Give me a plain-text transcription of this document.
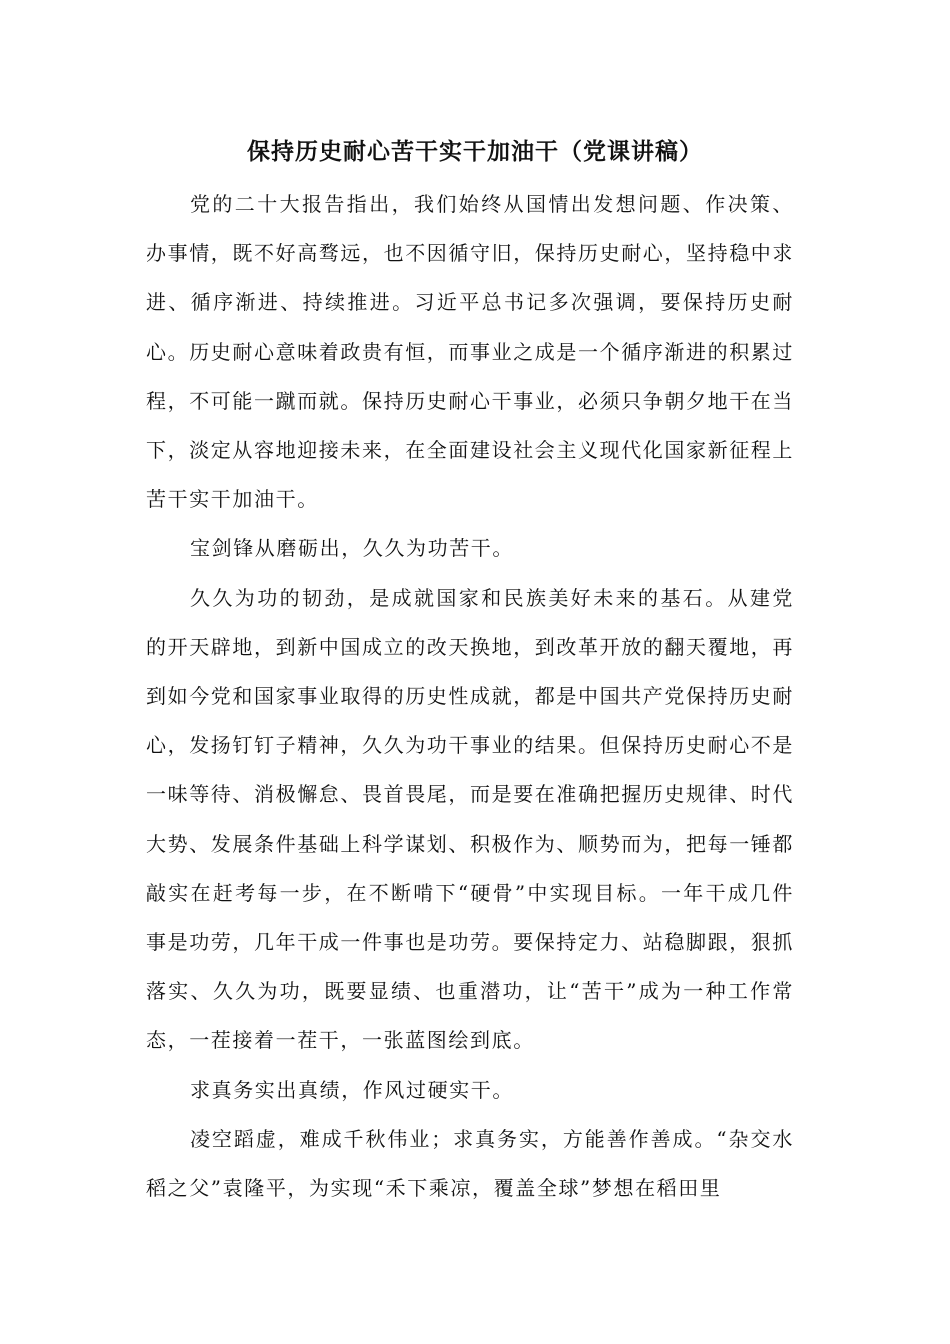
保持历史耐心苦干实干加油干（党课讲稿）

党的二十大报告指出，我们始终从国情出发想问题、作决策、办事情，既不好高骛远，也不因循守旧，保持历史耐心，坚持稳中求进、循序渐进、持续推进。习近平总书记多次强调，要保持历史耐心。历史耐心意味着政贵有恒，而事业之成是一个循序渐进的积累过程，不可能一蹴而就。保持历史耐心干事业，必须只争朝夕地干在当下，淡定从容地迎接未来，在全面建设社会主义现代化国家新征程上苦干实干加油干。

宝剑锋从磨砺出，久久为功苦干。

久久为功的韧劲，是成就国家和民族美好未来的基石。从建党的开天辟地，到新中国成立的改天换地，到改革开放的翻天覆地，再到如今党和国家事业取得的历史性成就，都是中国共产党保持历史耐心，发扬钉钉子精神，久久为功干事业的结果。但保持历史耐心不是一味等待、消极懈怠、畏首畏尾，而是要在准确把握历史规律、时代大势、发展条件基础上科学谋划、积极作为、顺势而为，把每一锤都敲实在赶考每一步，在不断啃下“硬骨”中实现目标。一年干成几件事是功劳，几年干成一件事也是功劳。要保持定力、站稳脚跟，狠抓落实、久久为功，既要显绩、也重潜功，让“苦干”成为一种工作常态，一茬接着一茬干，一张蓝图绘到底。

求真务实出真绩，作风过硬实干。

凌空蹈虚，难成千秋伟业；求真务实，方能善作善成。“杂交水稻之父”袁隆平，为实现“禾下乘凉，覆盖全球”梦想在稻田里
